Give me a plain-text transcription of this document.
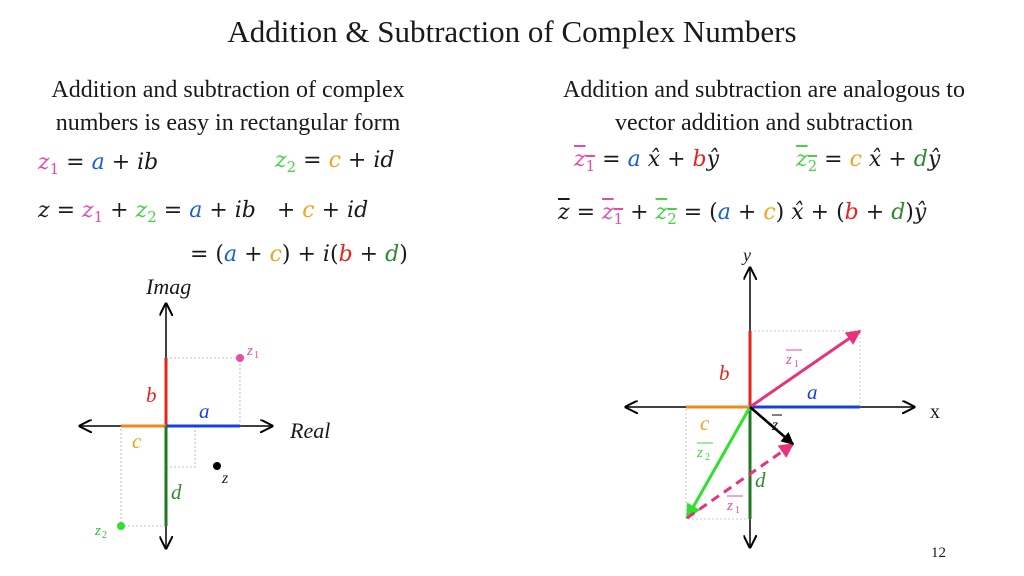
Addition & Subtraction of Complex Numbers
Addition and subtraction of complex
numbers is easy in rectangular form
Addition and subtraction are analogous to
vector addition and subtraction
$z_1 = a$ + ib	$z_2 = c$ + id
$z = z_1 + z_2 = a$ + ib   + c + id
= (a + c) + i(b + d)
$z_1 = a$ x̂ + bŷ	$z_2 = c$ x̂ + dŷ
$\overline{z} = z_1 + z_2 = (a + c)$ x̂ + (b + d)ŷ
Imag
Real
b
a
c
d
z
z 1
z 2
y
x
b
a
c
d
z
z 1
z 2
z 1
12
